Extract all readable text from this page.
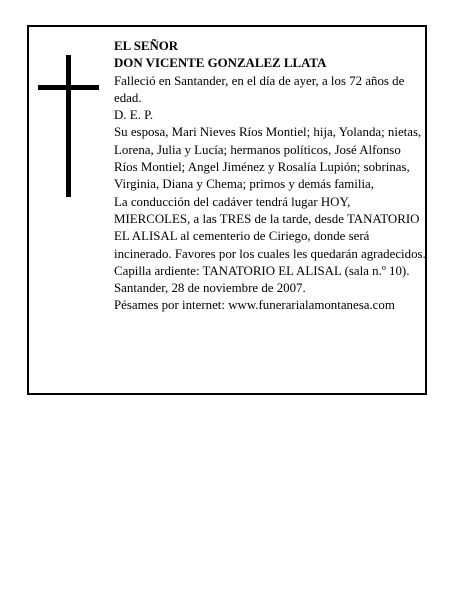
EL SEÑOR

DON VICENTE GONZALEZ LLATA

Falleció en Santander, en el día de ayer, a los 72 años de edad.

D. E. P.

Su esposa, Mari Nieves Ríos Montiel; hija, Yolanda; nietas, Lorena, Julia y Lucía; hermanos políticos, José Alfonso Ríos Montiel; Angel Jiménez y Rosalía Lupión; sobrinas, Virginia, Diana y Chema; primos y demás familia,

La conducción del cadáver tendrá lugar HOY, MIERCOLES, a las TRES de la tarde, desde TANATORIO EL ALISAL al cementerio de Ciriego, donde será incinerado. Favores por los cuales les quedarán agradecidos. Capilla ardiente: TANATORIO EL ALISAL (sala n.º 10).

Santander, 28 de noviembre de 2007.

Pésames por internet: www.funerarialamontanesa.com
